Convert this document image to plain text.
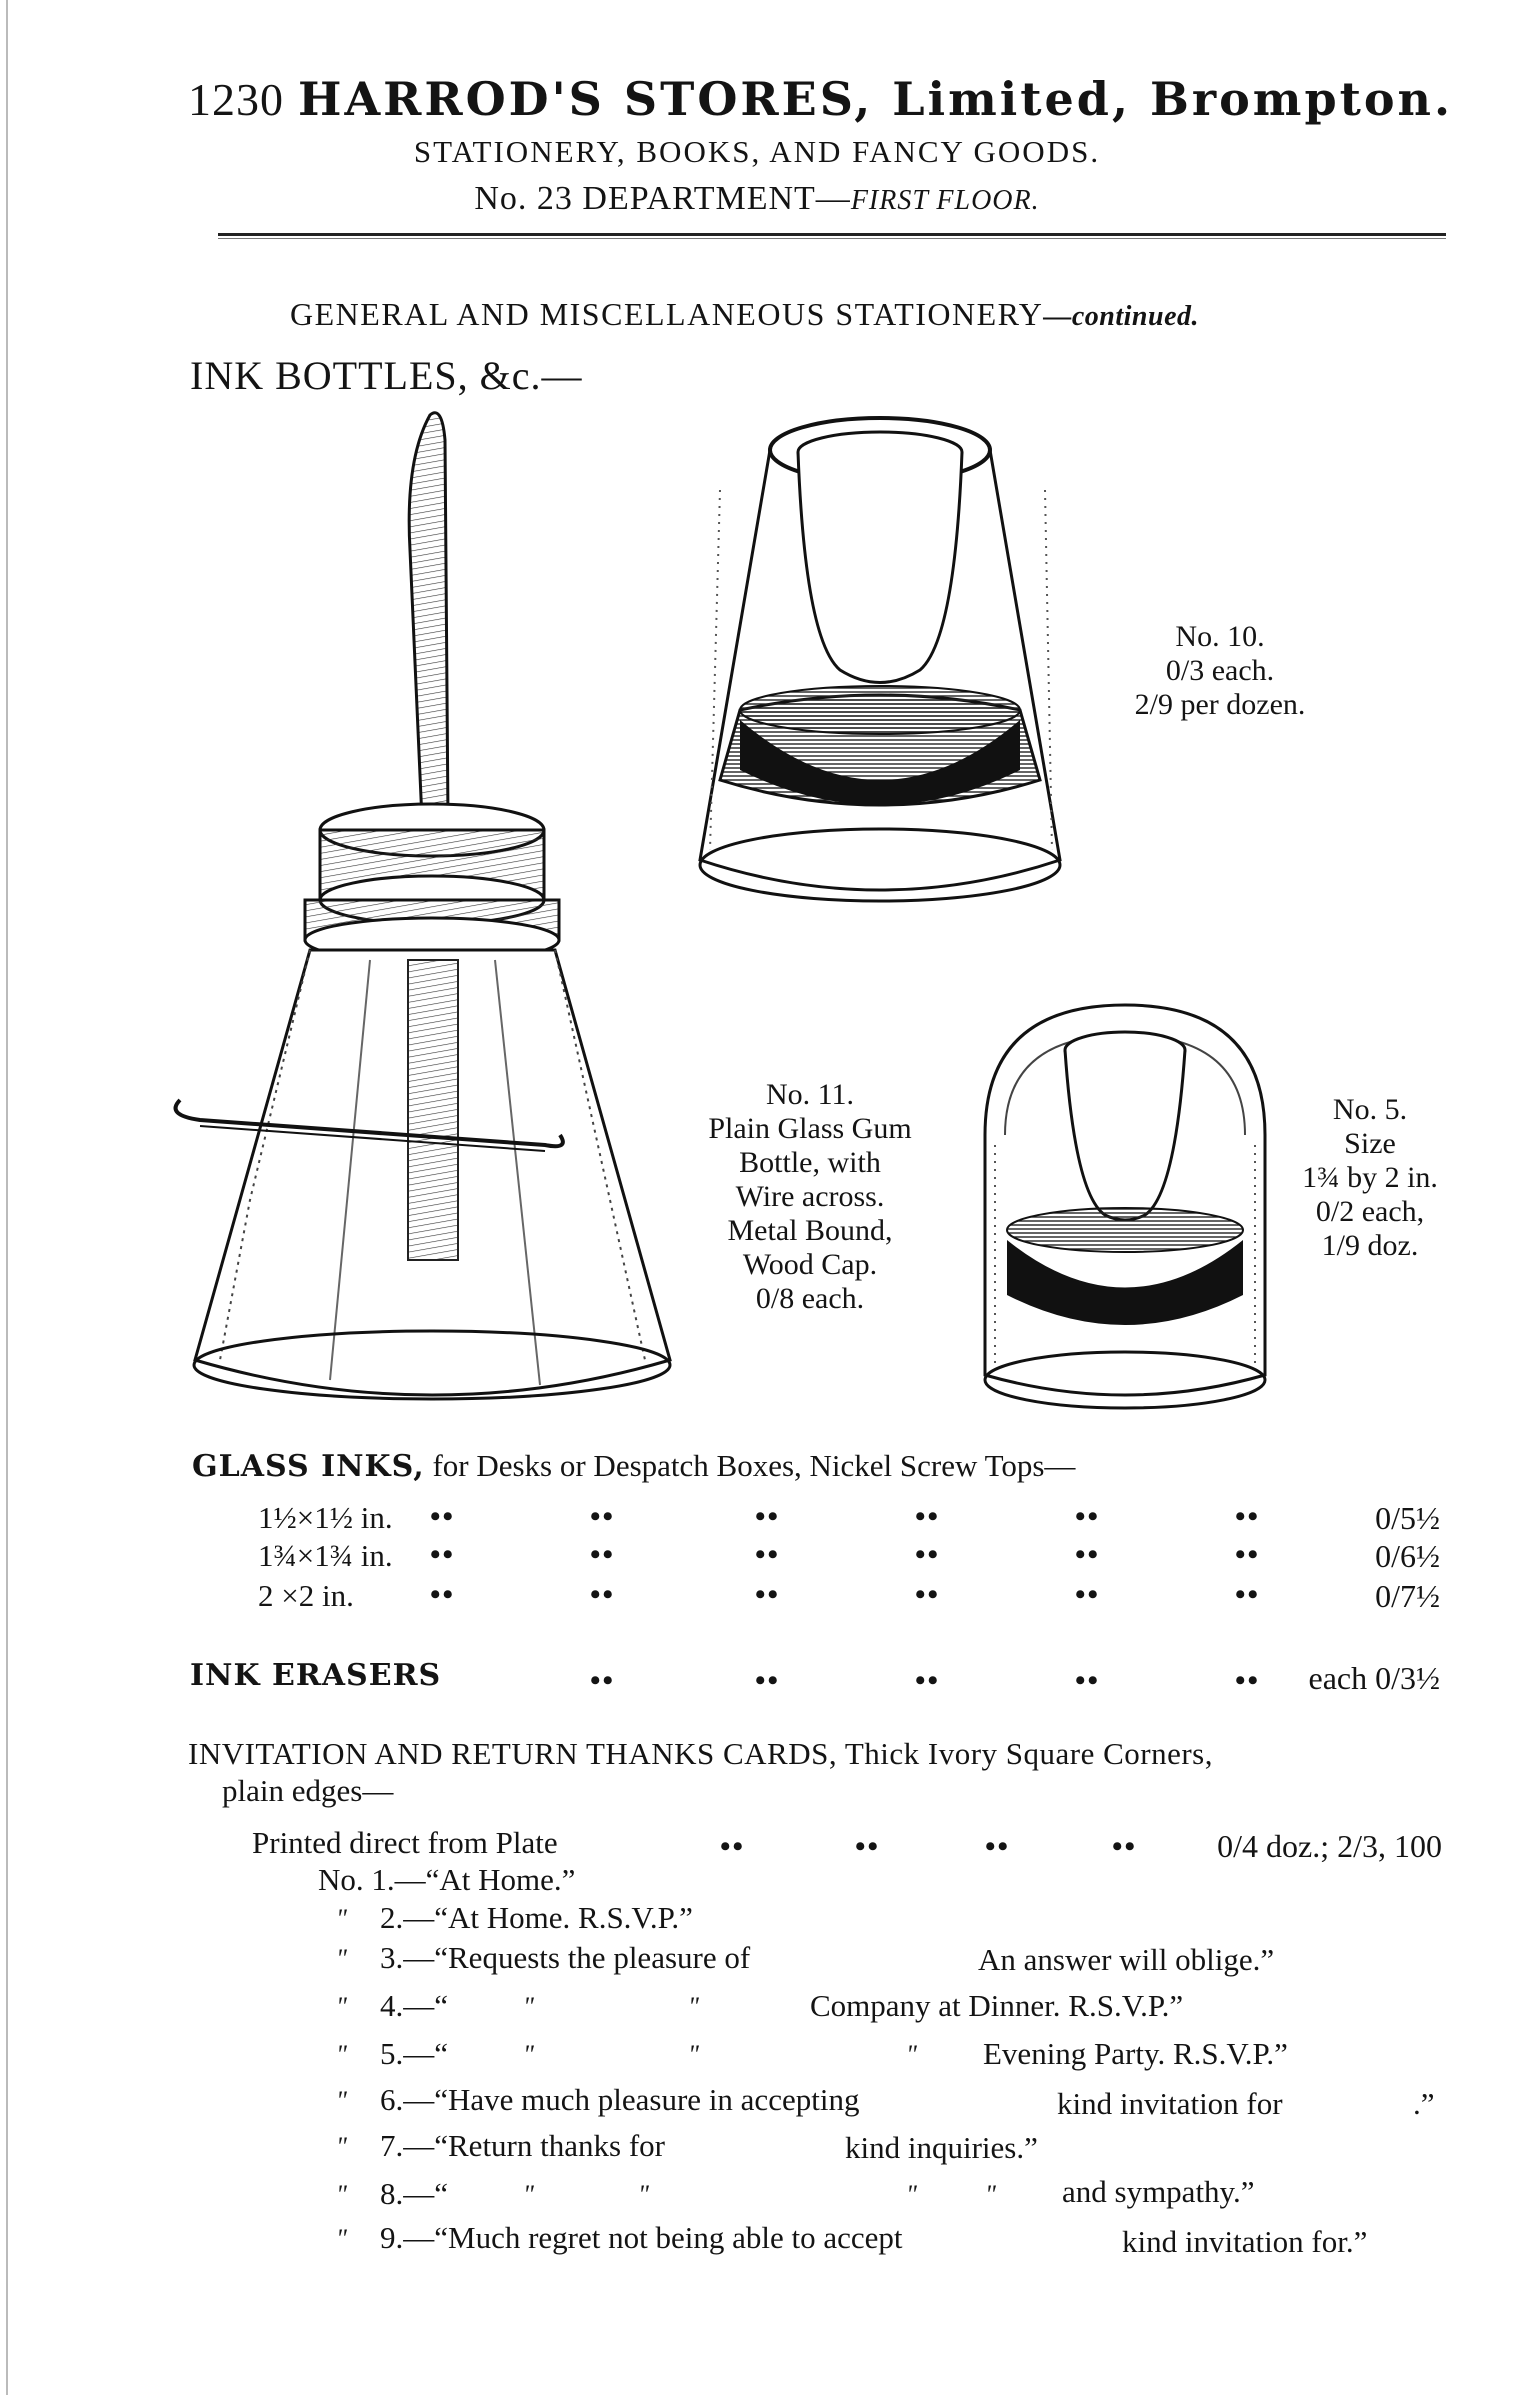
1230 HARROD'S STORES, Limited, Brompton.
STATIONERY, BOOKS, AND FANCY GOODS.
No. 23 DEPARTMENT—FIRST FLOOR.
GENERAL AND MISCELLANEOUS STATIONERY—continued.
INK BOTTLES, &c.—
No. 10.
0/3 each.
2/9 per dozen.
No. 11.
Plain Glass Gum
Bottle, with
Wire across.
Metal Bound,
Wood Cap.
0/8 each.
No. 5.
Size
1¾ by 2 in.
0/2 each,
1/9 doz.
GLASS INKS, for Desks or Despatch Boxes, Nickel Screw Tops—
1½×1½ in. ••	••	••	••	••	••	0/5½
1¾×1¾ in. ••	••	••	••	••	••	0/6½
2 ×2 in.	••	••	••	••	••	••	0/7½
INK ERASERS	••	••	••	••	••	each 0/3½
INVITATION AND RETURN THANKS CARDS, Thick Ivory Square Corners,
plain edges—
Printed direct from Plate	••	••	••	••	0/4 doz.; 2/3, 100
No. 1.—“At Home.”
" 2.—“At Home. R.S.V.P.”
" 3.—“Requests the pleasure of	An answer will oblige.”
" 4.—“	"	"	Company at Dinner. R.S.V.P.”
" 5.—“	"	"	" Evening Party. R.S.V.P.”
" 6.—“Have much pleasure in accepting	kind invitation for	.”
" 7.—“Return thanks for	kind inquiries.”
" 8.—“	"	"	"	" and sympathy.”
" 9.—“Much regret not being able to accept	kind invitation for.”
